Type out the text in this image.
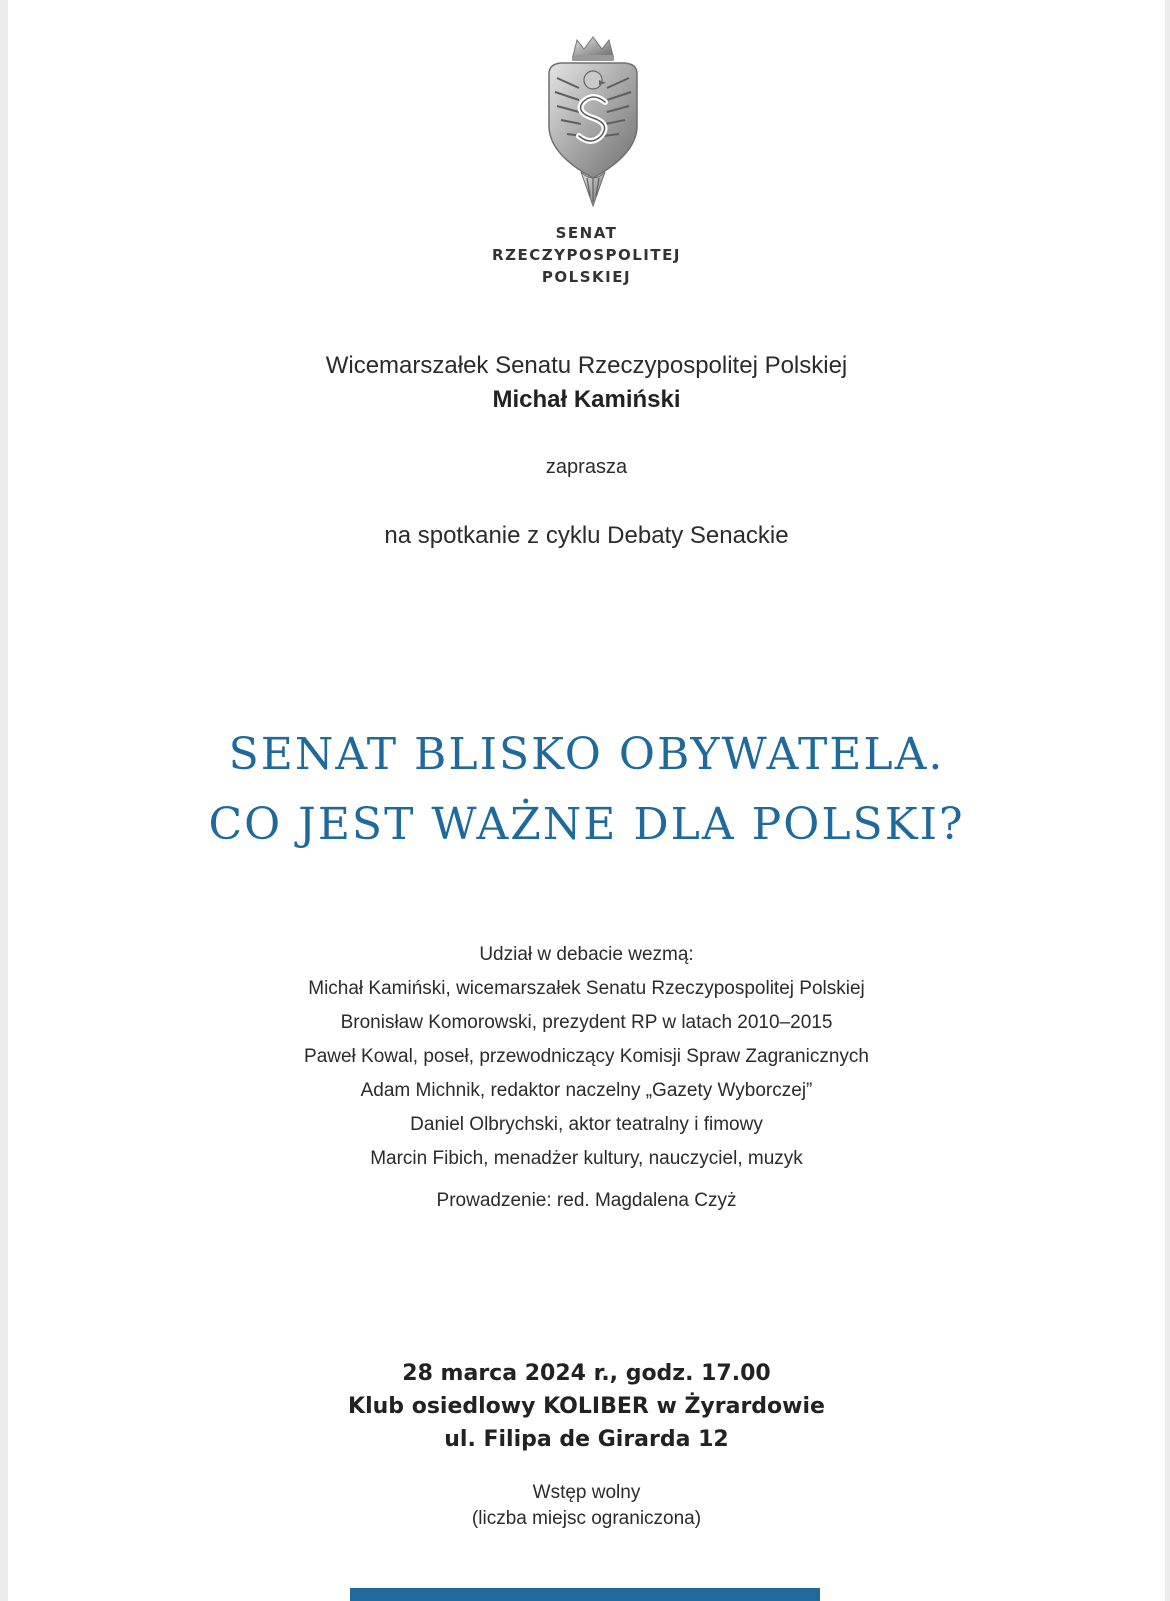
SENAT
RZECZYPOSPOLITEJ
POLSKIEJ
Wicemarszałek Senatu Rzeczypospolitej Polskiej
Michał Kamiński
zaprasza
na spotkanie z cyklu Debaty Senackie
SENAT BLISKO OBYWATELA.
CO JEST WAŻNE DLA POLSKI?
Udział w debacie wezmą:
Michał Kamiński, wicemarszałek Senatu Rzeczypospolitej Polskiej
Bronisław Komorowski, prezydent RP w latach 2010–2015
Paweł Kowal, poseł, przewodniczący Komisji Spraw Zagranicznych
Adam Michnik, redaktor naczelny „Gazety Wyborczej”
Daniel Olbrychski, aktor teatralny i fimowy
Marcin Fibich, menadżer kultury, nauczyciel, muzyk
Prowadzenie: red. Magdalena Czyż
28 marca 2024 r., godz. 17.00
Klub osiedlowy KOLIBER w Żyrardowie
ul. Filipa de Girarda 12
Wstęp wolny
(liczba miejsc ograniczona)
